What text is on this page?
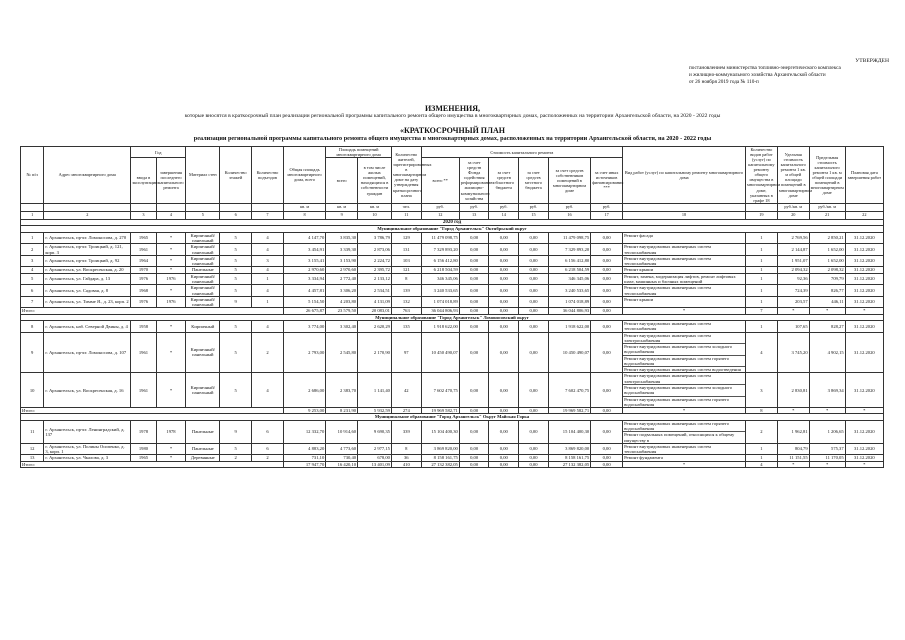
УТВЕРЖДЕН
постановлением министерства топливно-энергетического комплекса
и жилищно-коммунального хозяйства Архангельской области
от 26 ноября 2019 года № 110-п
ИЗМЕНЕНИЯ,
которые вносятся в краткосрочный план реализации региональной программы капитального ремонта общего имущества в многоквартирных домах, расположенных на территории Архангельской области, на 2020 - 2022 годы
«КРАТКОСРОЧНЫЙ ПЛАН
реализации региональной программы капитального ремонта общего имущества в многоквартирных домах, расположенных на территории Архангельской области, на 2020 - 2022 годы
№ п/п	Адрес многоквартирного дома	Год		Материал стен	Количество этажей	Количество подъездов	Общая площадь многоквартирного дома, всего	Площадь помещений многоквартирного дома		Количество жителей, зарегистрированных в многоквартирном доме на дату утверждения краткосрочного плана	Стоимость капитального ремонта						Вид работ (услуг) по капитальному ремонту многоквартирного дома	Количество видов работ (услуг) по капитальному ремонту общего имущества в многоквартирном доме, указанных в графе 18	Удельная стоимость капитального ремонта 1 кв. м общей площади помещений в многоквартирном доме	Предельная стоимость капитального ремонта 1 кв. м общей площади помещений в многоквартирном доме	Плановая дата завершения работ
		ввода в эксплуатацию	завершения последнего капитального ремонта					всего	в том числе жилых помещений, находящихся в собственности граждан		всего **	за счет средств Фонда содействия реформированию жилищно-коммунального хозяйства	за счет средств областного бюджета	за счет средств местного бюджета	за счет средств собственников помещений в многоквартирном доме	за счет иных источников финансирования ***					

							кв. м	кв. м	кв. м	чел.	руб.	руб.	руб.	руб.	руб.	руб.			руб./кв. м	руб./кв. м	
1	2	3	4	5	6	7	8	9	10	11	12	13	14	15	16	17	18	19	20	21	22
2020 год																					
Муниципальное образование "Город Архангельск" Октябрьский округ																					
1	г. Архангельск, пр-кт. Ломоносова, д. 270	1965	*	Кирпичный/панельный	5	4	4 147,70	3 835,30	3 786,79	129	11 479 098,75	0,00	0,00	0,00	11 479 098,75	0,00	Ремонт фасада	1	2 769,56	2 850,21	31.12.2020
2	г. Архангельск, пр-кт. Троицкий, д. 121, корп. 3	1961	*	Кирпичный/панельный	5	4	3 454,91	3 339,30	2 873,06	131	7 329 893,20	0,00	0,00	0,00	7 329 893,20	0,00	Ремонт внутридомовых инженерных систем теплоснабжения	1	2 144,87	1 652,00	31.12.2020
3	г. Архангельск, пр-кт. Троицкий, д. 92	1964	*	Кирпичный/панельный	5	3	3 155,41	3 153,90	2 224,72	103	6 156 412,80	0,00	0,00	0,00	6 156 412,80	0,00	Ремонт внутридомовых инженерных систем теплоснабжения	1	1 951,07	1 652,00	31.12.2020
4	г. Архангельск, ул. Воскресенская, д. 20	1970	*	Панельные	5	4	2 970,60	2 970,60	2 395,72	121	6 218 504,59	0,00	0,00	0,00	6 218 504,59	0,00	Ремонт крыши	1	2 094,32	2 098,32	31.12.2020
5	г. Архангельск, ул. Гайдара, д. 13	1976	1976	Кирпичный/панельный	5	1	3 334,94	2 772,40	2 133,12	8	346 345,06	0,00	0,00	0,00	346 345,06	0,00	Ремонт, замена, модернизация лифтов, ремонт лифтовых шахт, машинных и блочных помещений	1	92,36	709,79	31.12.2020
6	г. Архангельск, ул. Садовая, д. 8	1968	*	Кирпичный/панельный	5	4	4 457,81	3 306,20	2 534,51	139	3 240 533,65	0,00	0,00	0,00	3 240 533,65	0,00	Ремонт внутридомовых инженерных систем теплоснабжения	1	724,39	826,77	31.12.2020
7	г. Архангельск, ул. Тимме Я., д. 23, корп. 2	1976	1976	Кирпичный/панельный	9	1	5 154,50	4 203,80	4 131,09	132	1 074 018,89	0,00	0,00	0,00	1 074 018,89	0,00	Ремонт крыши	1	203,57	446,11	31.12.2020
Итого:							26 675,87	23 579,50	20 083,01	763	36 044 806,93	0,00	0,00	0,00	36 044 806,93	0,00	*	7	*	*	*
Муниципальное образование "Город Архангельск" Ломоносовский округ																					
8	г. Архангельск, наб. Северной Двины, д. 4	1958	*	Кирпичный	5	4	3 774,00	3 302,40	2 620,29	135	1 918 622,00	0,00	0,00	0,00	1 918 622,00	0,00	Ремонт внутридомовых инженерных систем теплоснабжения	1	107,65	828,27	31.12.2020
9	г. Архангельск, пр-кт. Ломоносова, д. 107	1961	*	Кирпичный/панельный	5	2	2 793,00	2 545,80	2 170,90	97	10 450 490,07	0,00	0,00	0,00	10 450 490,07	0,00	Ремонт внутридомовых инженерных систем электроснабжения
Ремонт внутридомовых инженерных систем холодного водоснабжения
Ремонт внутридомовых инженерных систем горячего водоснабжения
Ремонт внутридомовых инженерных систем водоотведения	4	3 745,20	4 902,15	31.12.2020
10	г. Архангельск, ул. Воскресенская, д. 16	1961	*	Кирпичный/панельный	5	4	2 686,00	2 383,70	1 141,40	42	7 602 470,75	0,00	0,00	0,00	7 602 470,75	0,00	Ремонт внутридомовых инженерных систем электроснабжения
Ремонт внутридомовых инженерных систем холодного водоснабжения
Ремонт внутридомовых инженерных систем горячего водоснабжения	3	2 830,81	3 869,34	31.12.2020
Итого:							9 253,00	8 231,90	5 932,59	274	19 969 582,71	0,00	0,00	0,00	19 969 582,71	0,00	*	8	*	*	*
Муниципальное образование "Город Архангельск" Округ Майская Горка																					
11	г. Архангельск, пр-кт. Ленинградский, д. 137	1978	1978	Панельные	9	6	12 332,70	10 914,60	9 690,35	339	15 104 400,30	0,00	0,00	0,00	15 104 400,30	0,00	Ремонт внутридомовых инженерных систем горячего водоснабжения
Ремонт подвальных помещений, относящихся к общему имуществу в	2	1 962,81	1 206,65	31.12.2020
12	г. Архангельск, ул. Полины Осипенко, д. 3, корп. 1	1980	*	Панельные	5	6	4 883,20	4 773,60	2 977,15	8	3 869 820,00	0,00	0,00	0,00	3 869 820,00	0,00	Ремонт внутридомовых инженерных систем теплоснабжения	1	804,79	575,37	31.12.2020
13	г. Архангельск, ул. Чкалова, д. 3	1965	*	Деревянные	2	2	731,10	730,40	678,00	36	8 158 161,75	0,00	0,00	0,00	8 158 161,75	0,00	Ремонт фундамента	1	11 151,55	11 170,05	31.12.2020
Итого:							17 947,70	16 420,10	13 401,09	410	27 132 382,05	0,00	0,00	0,00	27 132 382,05	0,00	*	4	*	*	*
